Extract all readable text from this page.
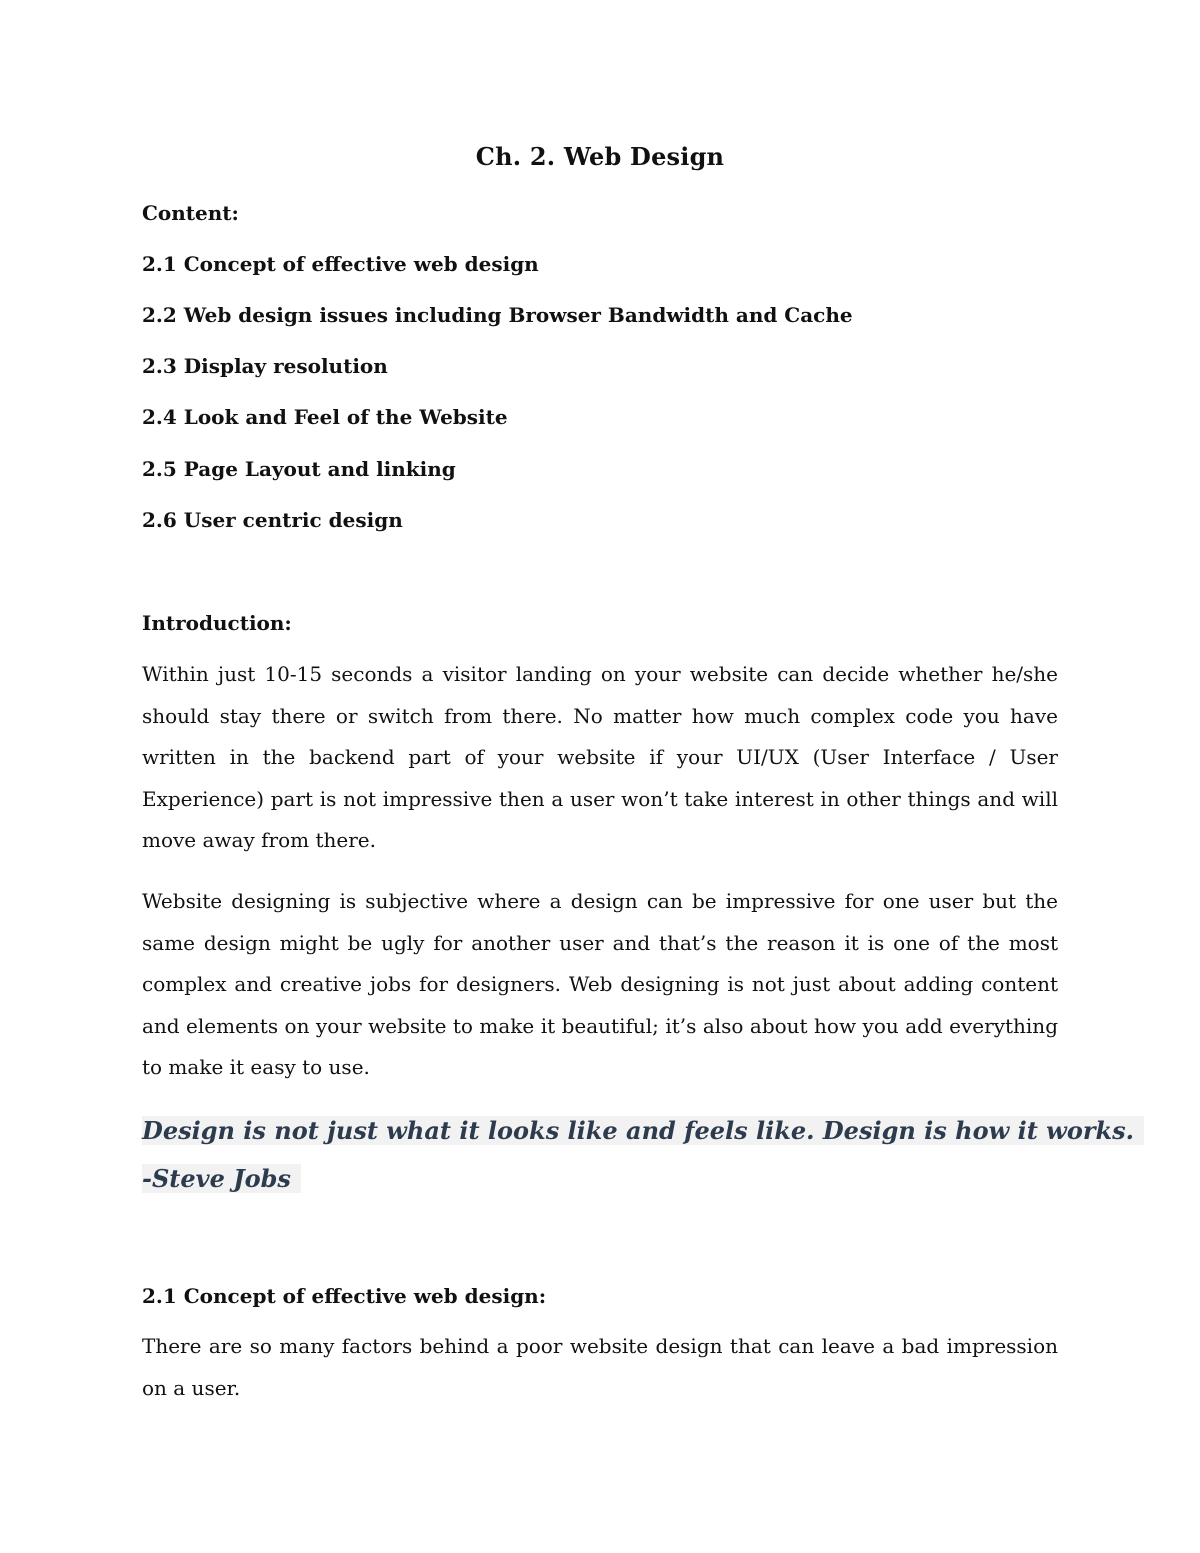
Ch. 2. Web Design
Content:
2.1 Concept of effective web design
2.2 Web design issues including Browser Bandwidth and Cache
2.3 Display resolution
2.4 Look and Feel of the Website
2.5 Page Layout and linking
2.6 User centric design
Introduction:

Within just 10-15 seconds a visitor landing on your website can decide whether he/she should stay there or switch from there. No matter how much complex code you have written in the backend part of your website if your UI/UX (User Interface / User Experience) part is not impressive then a user won’t take interest in other things and will move away from there.

Website designing is subjective where a design can be impressive for one user but the same design might be ugly for another user and that’s the reason it is one of the most complex and creative jobs for designers. Web designing is not just about adding content and elements on your website to make it beautiful; it’s also about how you add everything to make it easy to use.

Design is not just what it looks like and feels like. Design is how it works.
-Steve Jobs
2.1 Concept of effective web design:

There are so many factors behind a poor website design that can leave a bad impression on a user.
